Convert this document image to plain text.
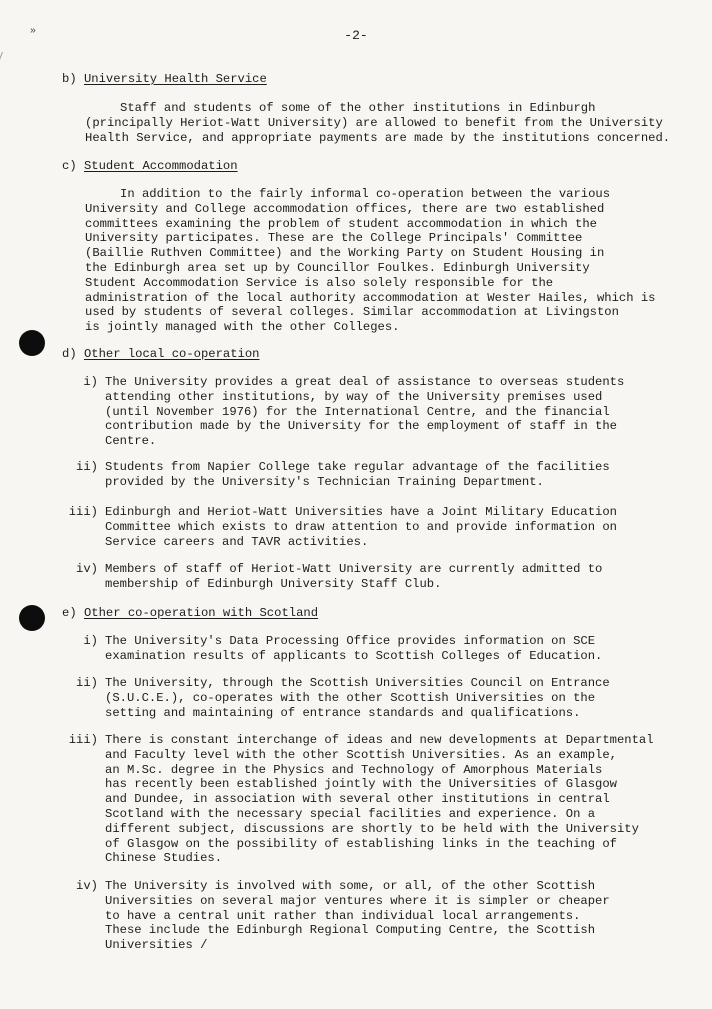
»	-2-
b) University Health Service
Staff and students of some of the other institutions in Edinburgh
(principally Heriot-Watt University) are allowed to benefit from the University
Health Service, and appropriate payments are made by the institutions concerned.
c) Student Accommodation
In addition to the fairly informal co-operation between the various
University and College accommodation offices, there are two established
committees examining the problem of student accommodation in which the
University participates. These are the College Principals' Committee
(Baillie Ruthven Committee) and the Working Party on Student Housing in
the Edinburgh area set up by Councillor Foulkes. Edinburgh University
Student Accommodation Service is also solely responsible for the
administration of the local authority accommodation at Wester Hailes, which is
used by students of several colleges. Similar accommodation at Livingston
is jointly managed with the other Colleges.
d) Other local co-operation
i) The University provides a great deal of assistance to overseas students
attending other institutions, by way of the University premises used
(until November 1976) for the International Centre, and the financial
contribution made by the University for the employment of staff in the
Centre.
ii) Students from Napier College take regular advantage of the facilities
provided by the University's Technician Training Department.
iii) Edinburgh and Heriot-Watt Universities have a Joint Military Education
Committee which exists to draw attention to and provide information on
Service careers and TAVR activities.
iv) Members of staff of Heriot-Watt University are currently admitted to
membership of Edinburgh University Staff Club.
e) Other co-operation with Scotland
i) The University's Data Processing Office provides information on SCE
examination results of applicants to Scottish Colleges of Education.
ii) The University, through the Scottish Universities Council on Entrance
(S.U.C.E.), co-operates with the other Scottish Universities on the
setting and maintaining of entrance standards and qualifications.
iii) There is constant interchange of ideas and new developments at Departmental
and Faculty level with the other Scottish Universities. As an example,
an M.Sc. degree in the Physics and Technology of Amorphous Materials
has recently been established jointly with the Universities of Glasgow
and Dundee, in association with several other institutions in central
Scotland with the necessary special facilities and experience. On a
different subject, discussions are shortly to be held with the University
of Glasgow on the possibility of establishing links in the teaching of
Chinese Studies.
iv) The University is involved with some, or all, of the other Scottish
Universities on several major ventures where it is simpler or cheaper
to have a central unit rather than individual local arrangements.
These include the Edinburgh Regional Computing Centre, the Scottish
Universities /
